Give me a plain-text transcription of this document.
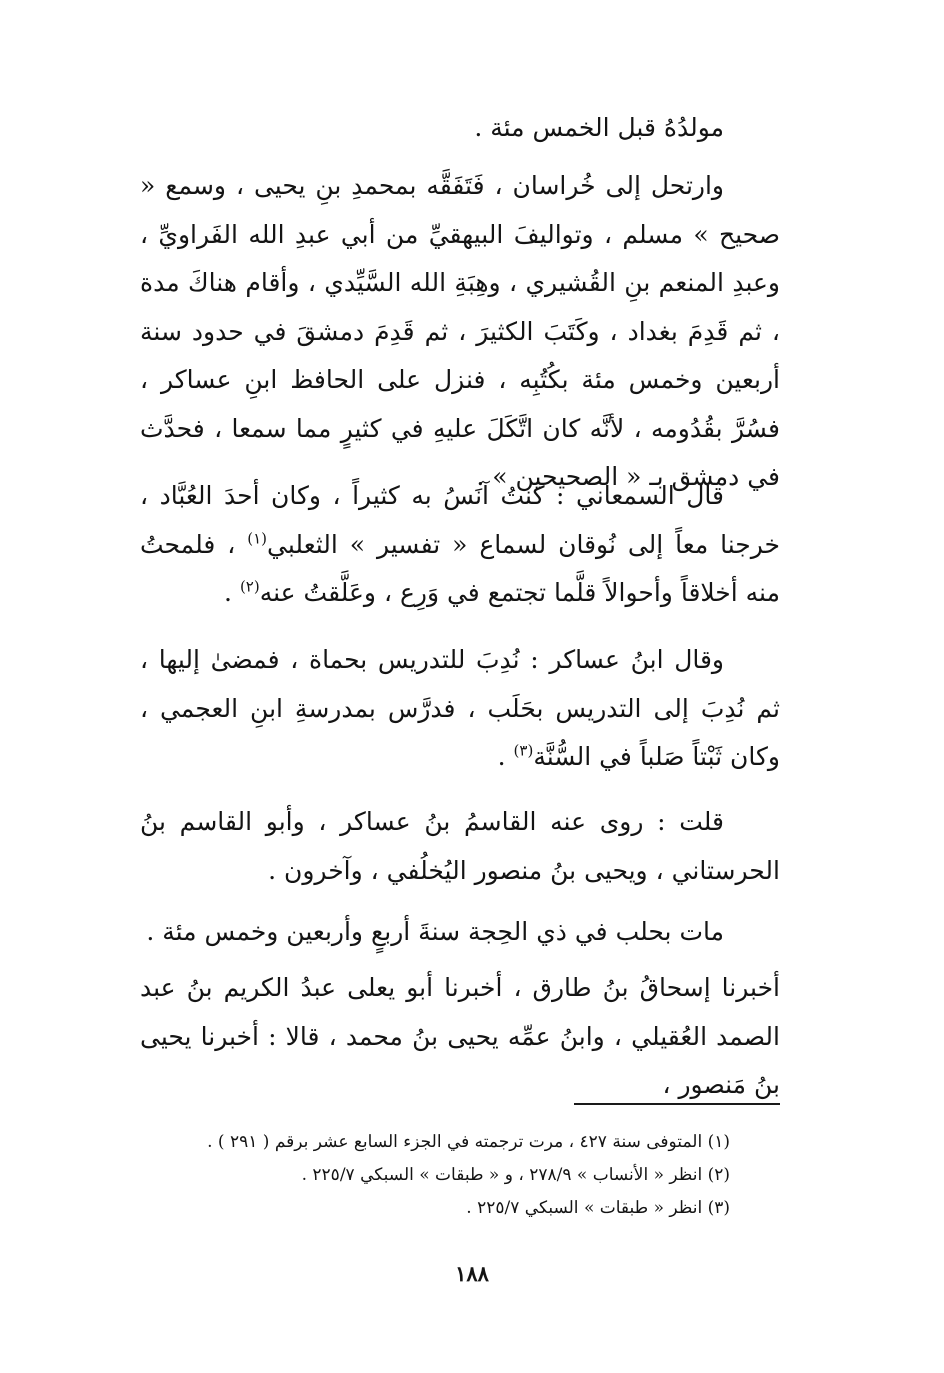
مولدُهُ قبل الخمس مئة .

وارتحل إلى خُراسان ، فَتَفَقَّه بمحمدِ بنِ يحيى ، وسمع « صحيح » مسلم ، وتواليفَ البيهقيِّ من أبي عبدِ الله الفَراويِّ ، وعبدِ المنعم بنِ القُشيري ، وهِبَةِ الله السَّيِّدي ، وأقام هناكَ مدة ، ثم قَدِمَ بغداد ، وكَتَبَ الكثيرَ ، ثم قَدِمَ دمشقَ في حدود سنة أربعين وخمس مئة بكُتُبِه ، فنزل على الحافظ ابنِ عساكر ، فسُرَّ بقُدُومه ، لأنَّه كان اتَّكَلَ عليهِ في كثيرٍ مما سمعا ، فحدَّث في دمشق بـ « الصحيحين » .

قال السمعاني : كنتُ آنَسُ به كثيراً ، وكان أحدَ العُبَّاد ، خرجنا معاً إلى نُوقان لسماع « تفسير » الثعلبي$^{(١)}$ ، فلمحتُ منه أخلاقاً وأحوالاً قلَّما تجتمع في وَرِع ، وعَلَّقتُ عنه$^{(٢)}$ .

وقال ابنُ عساكر : نُدِبَ للتدريس بحماة ، فمضىٰ إليها ، ثم نُدِبَ إلى التدريس بحَلَب ، فدرَّس بمدرسةِ ابنِ العجمي ، وكان ثَبْتاً صَلباً في السُّنَّة$^{(٣)}$ .

قلت : روى عنه القاسمُ بنُ عساكر ، وأبو القاسم بنُ الحرستاني ، ويحيى بنُ منصور اليُخلُفي ، وآخرون .

مات بحلب في ذي الحِجة سنةَ أربعٍ وأربعين وخمس مئة .

أخبرنا إسحاقُ بنُ طارق ، أخبرنا أبو يعلى عبدُ الكريم بنُ عبد الصمد العُقيلي ، وابنُ عمِّه يحيى بنُ محمد ، قالا : أخبرنا يحيى بنُ مَنصور ،

(١) المتوفى سنة ٤٢٧ ، مرت ترجمته في الجزء السابع عشر برقم ( ٢٩١ ) .

(٢) انظر « الأنساب » ٢٧٨/٩ ، و « طبقات » السبكي ٢٢٥/٧ .

(٣) انظر « طبقات » السبكي ٢٢٥/٧ .

١٨٨
